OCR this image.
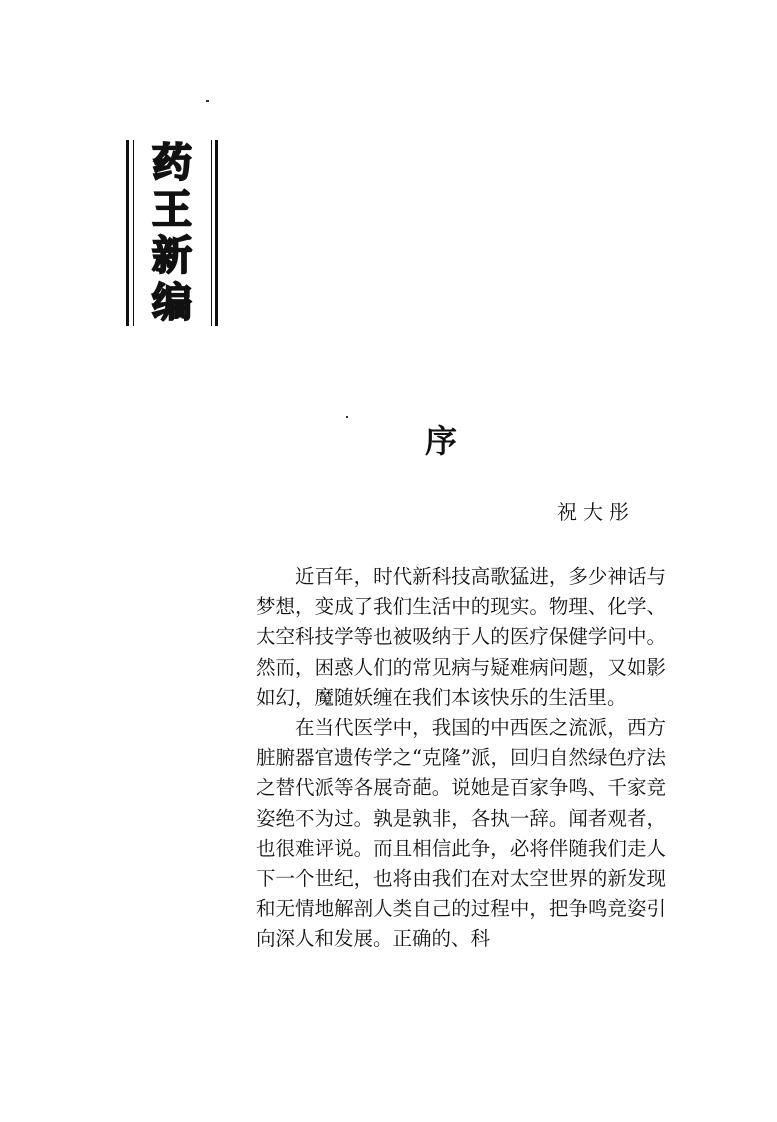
药
王
新
编
序
祝大彤

近百年，时代新科技高歌猛进，多少神话与梦想，变成了我们生活中的现实。物理、化学、太空科技学等也被吸纳于人的医疗保健学问中。然而，困惑人们的常见病与疑难病问题，又如影如幻，魔随妖缠在我们本该快乐的生活里。

在当代医学中，我国的中西医之流派，西方脏腑器官遗传学之“克隆”派，回归自然绿色疗法之替代派等各展奇葩。说她是百家争鸣、千家竞姿绝不为过。孰是孰非，各执一辞。闻者观者，也很难评说。而且相信此争，必将伴随我们走人下一个世纪，也将由我们在对太空世界的新发现和无情地解剖人类自己的过程中，把争鸣竞姿引向深人和发展。正确的、科
